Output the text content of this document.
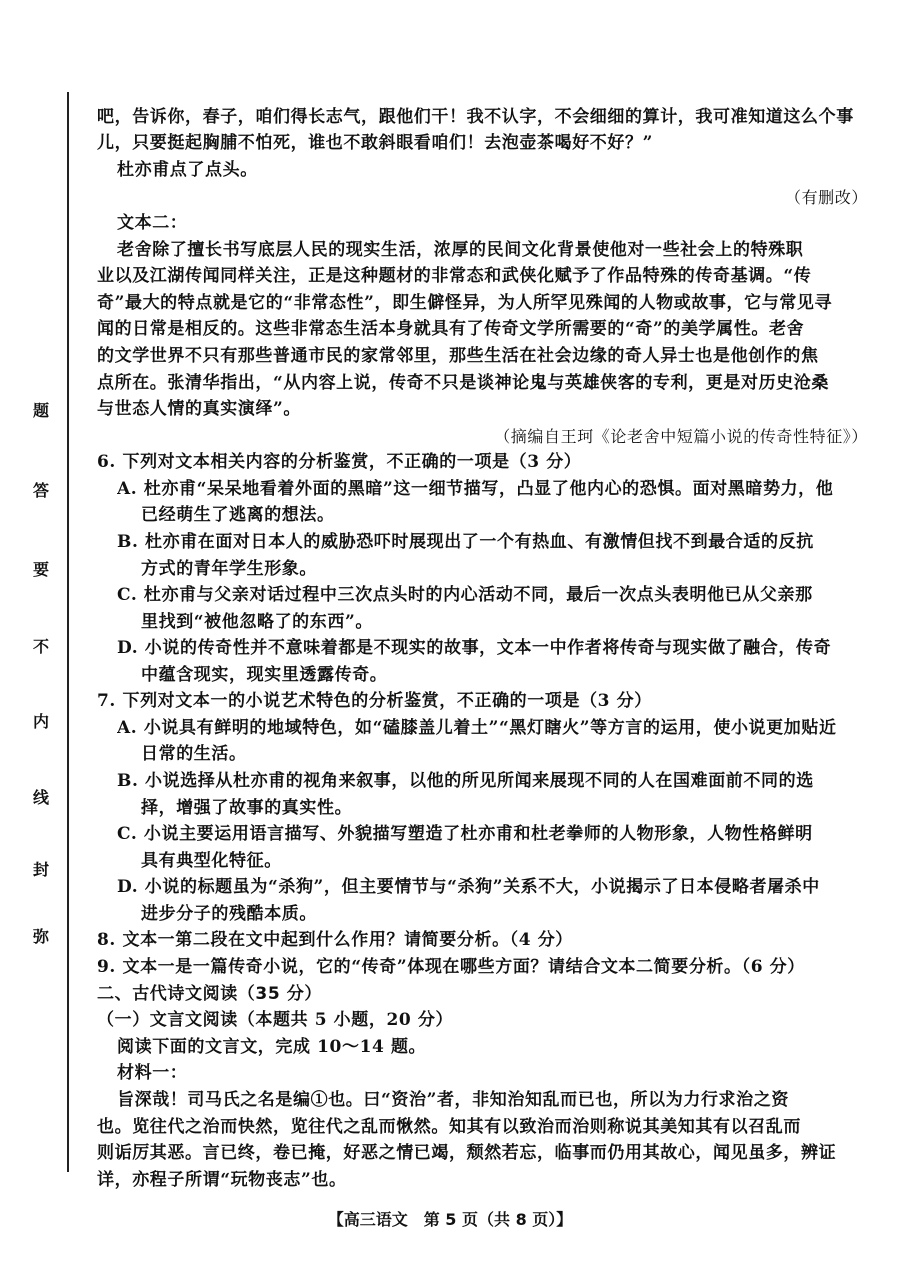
题
答
要
不
内
线
封
弥
吧，告诉你，春子，咱们得长志气，跟他们干！我不认字，不会细细的算计，我可准知道这么个事
儿，只要挺起胸脯不怕死，谁也不敢斜眼看咱们！去泡壶茶喝好不好？”
杜亦甫点了点头。
（有删改）
文本二：
老舍除了擅长书写底层人民的现实生活，浓厚的民间文化背景使他对一些社会上的特殊职
业以及江湖传闻同样关注，正是这种题材的非常态和武侠化赋予了作品特殊的传奇基调。“传
奇”最大的特点就是它的“非常态性”，即生僻怪异，为人所罕见殊闻的人物或故事，它与常见寻
闻的日常是相反的。这些非常态生活本身就具有了传奇文学所需要的“奇”的美学属性。老舍
的文学世界不只有那些普通市民的家常邻里，那些生活在社会边缘的奇人异士也是他创作的焦
点所在。张清华指出，“从内容上说，传奇不只是谈神论鬼与英雄侠客的专利，更是对历史沧桑
与世态人情的真实演绎”。
（摘编自王珂《论老舍中短篇小说的传奇性特征》）
6. 下列对文本相关内容的分析鉴赏，不正确的一项是（3 分）
A. 杜亦甫“呆呆地看着外面的黑暗”这一细节描写，凸显了他内心的恐惧。面对黑暗势力，他
已经萌生了逃离的想法。
B. 杜亦甫在面对日本人的威胁恐吓时展现出了一个有热血、有激情但找不到最合适的反抗
方式的青年学生形象。
C. 杜亦甫与父亲对话过程中三次点头时的内心活动不同，最后一次点头表明他已从父亲那
里找到“被他忽略了的东西”。
D. 小说的传奇性并不意味着都是不现实的故事，文本一中作者将传奇与现实做了融合，传奇
中蕴含现实，现实里透露传奇。
7. 下列对文本一的小说艺术特色的分析鉴赏，不正确的一项是（3 分）
A. 小说具有鲜明的地域特色，如“磕膝盖儿着土”“黑灯瞎火”等方言的运用，使小说更加贴近
日常的生活。
B. 小说选择从杜亦甫的视角来叙事，以他的所见所闻来展现不同的人在国难面前不同的选
择，增强了故事的真实性。
C. 小说主要运用语言描写、外貌描写塑造了杜亦甫和杜老拳师的人物形象，人物性格鲜明
具有典型化特征。
D. 小说的标题虽为“杀狗”，但主要情节与“杀狗”关系不大，小说揭示了日本侵略者屠杀中
进步分子的残酷本质。
8. 文本一第二段在文中起到什么作用？请简要分析。（4 分）
9. 文本一是一篇传奇小说，它的“传奇”体现在哪些方面？请结合文本二简要分析。（6 分）
二、古代诗文阅读（35 分）
（一）文言文阅读（本题共 5 小题，20 分）
阅读下面的文言文，完成 10～14 题。
材料一：
旨深哉！司马氏之名是编①也。曰“资治”者，非知治知乱而已也，所以为力行求治之资
也。览往代之治而快然，览往代之乱而愀然。知其有以致治而治则称说其美知其有以召乱而
则诟厉其恶。言已终，卷已掩，好恶之情已竭，颓然若忘，临事而仍用其故心，闻见虽多，辨证
详，亦程子所谓“玩物丧志”也。
【高三语文　第 5 页（共 8 页）】
